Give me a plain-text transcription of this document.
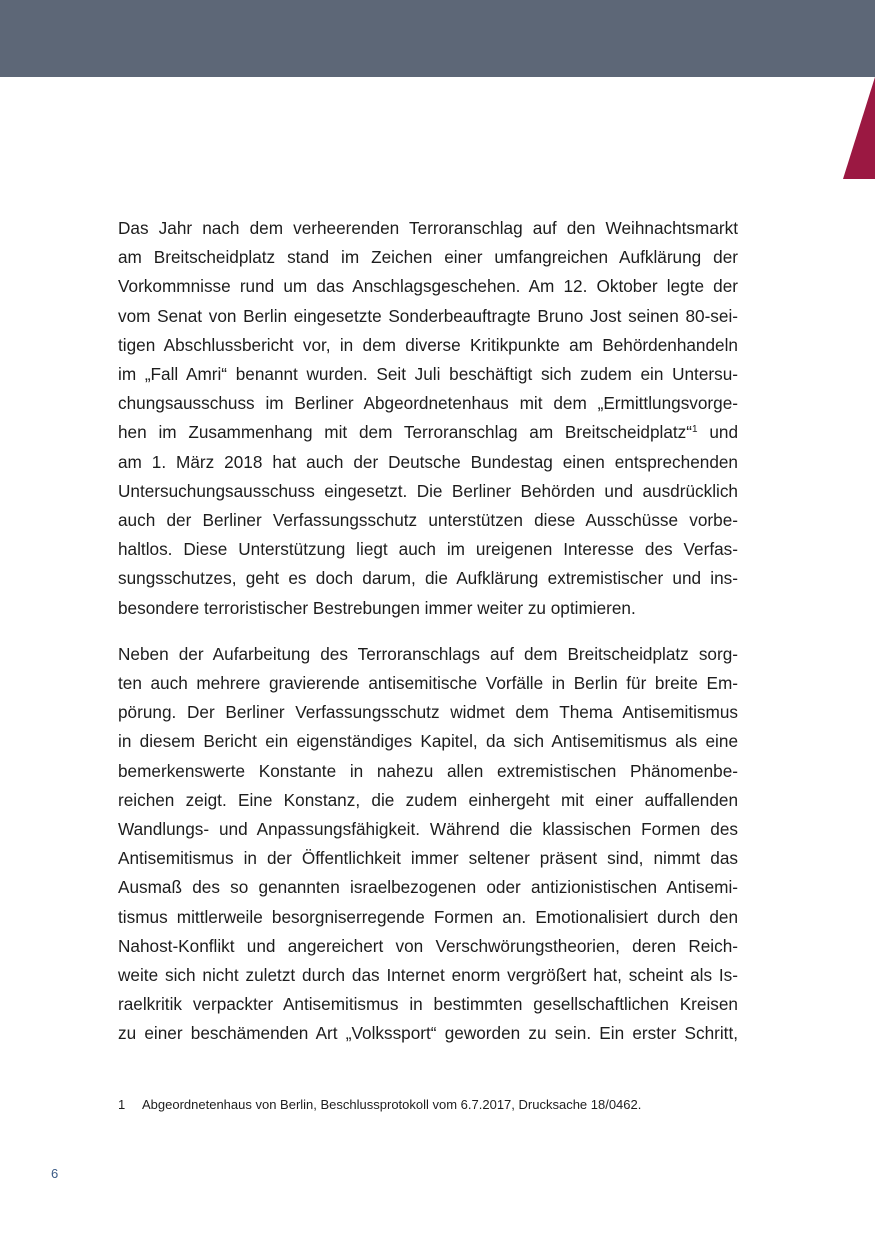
Das Jahr nach dem verheerenden Terroranschlag auf den Weihnachtsmarkt
am Breitscheidplatz stand im Zeichen einer umfangreichen Aufklärung der
Vorkommnisse rund um das Anschlagsgeschehen. Am 12. Oktober legte der
vom Senat von Berlin eingesetzte Sonderbeauftragte Bruno Jost seinen 80-sei-
tigen Abschlussbericht vor, in dem diverse Kritikpunkte am Behördenhandeln
im „Fall Amri“ benannt wurden. Seit Juli beschäftigt sich zudem ein Untersu-
chungsausschuss im Berliner Abgeordnetenhaus mit dem „Ermittlungsvorge-
hen im Zusammenhang mit dem Terroranschlag am Breitscheidplatz“$^1$ und
am 1. März 2018 hat auch der Deutsche Bundestag einen entsprechenden
Untersuchungsausschuss eingesetzt. Die Berliner Behörden und ausdrücklich
auch der Berliner Verfassungsschutz unterstützen diese Ausschüsse vorbe-
haltlos. Diese Unterstützung liegt auch im ureigenen Interesse des Verfas-
sungsschutzes, geht es doch darum, die Aufklärung extremistischer und ins-
besondere terroristischer Bestrebungen immer weiter zu optimieren.

Neben der Aufarbeitung des Terroranschlags auf dem Breitscheidplatz sorg-
ten auch mehrere gravierende antisemitische Vorfälle in Berlin für breite Em-
pörung. Der Berliner Verfassungsschutz widmet dem Thema Antisemitismus
in diesem Bericht ein eigenständiges Kapitel, da sich Antisemitismus als eine
bemerkenswerte Konstante in nahezu allen extremistischen Phänomenbe-
reichen zeigt. Eine Konstanz, die zudem einhergeht mit einer auffallenden
Wandlungs- und Anpassungsfähigkeit. Während die klassischen Formen des
Antisemitismus in der Öffentlichkeit immer seltener präsent sind, nimmt das
Ausmaß des so genannten israelbezogenen oder antizionistischen Antisemi-
tismus mittlerweile besorgniserregende Formen an. Emotionalisiert durch den
Nahost-Konflikt und angereichert von Verschwörungstheorien, deren Reich-
weite sich nicht zuletzt durch das Internet enorm vergrößert hat, scheint als Is-
raelkritik verpackter Antisemitismus in bestimmten gesellschaftlichen Kreisen
zu einer beschämenden Art „Volkssport“ geworden zu sein. Ein erster Schritt,

1 Abgeordnetenhaus von Berlin, Beschlussprotokoll vom 6.7.2017, Drucksache 18/0462.
6
